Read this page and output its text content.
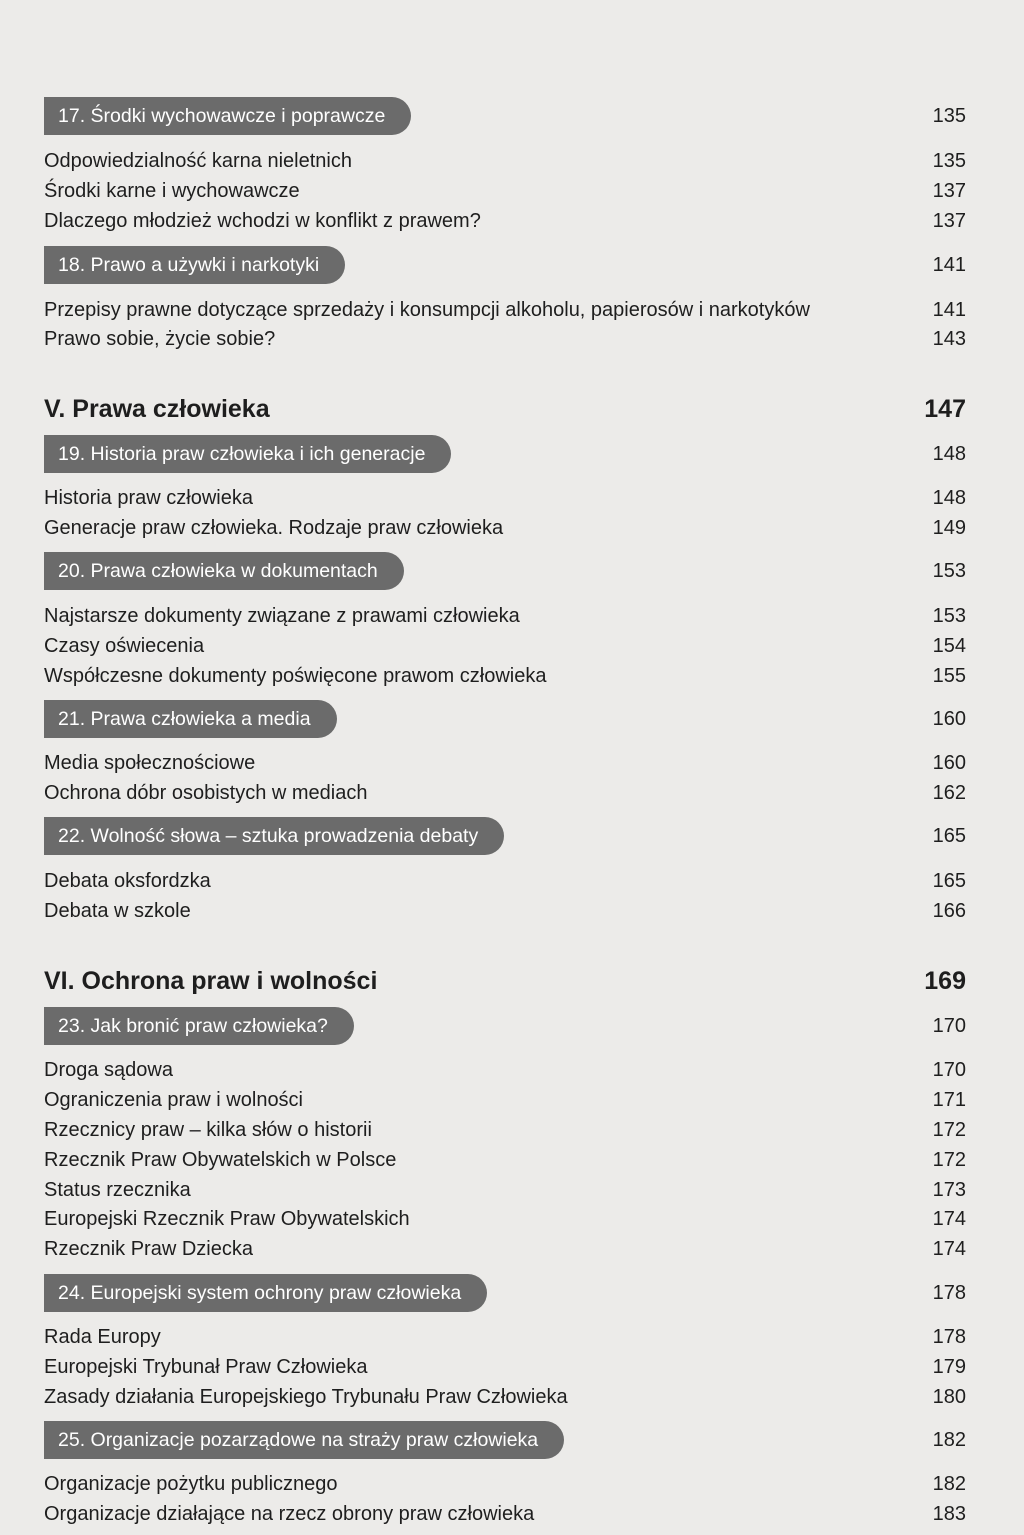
17. Środki wychowawcze i poprawcze	135
Odpowiedzialność karna nieletnich	135
Środki karne i wychowawcze	137
Dlaczego młodzież wchodzi w konflikt z prawem?	137
18. Prawo a używki i narkotyki	141
Przepisy prawne dotyczące sprzedaży i konsumpcji alkoholu, papierosów i narkotyków	141
Prawo sobie, życie sobie?	143
V. Prawa człowieka	147
19. Historia praw człowieka i ich generacje	148
Historia praw człowieka	148
Generacje praw człowieka. Rodzaje praw człowieka	149
20. Prawa człowieka w dokumentach	153
Najstarsze dokumenty związane z prawami człowieka	153
Czasy oświecenia	154
Współczesne dokumenty poświęcone prawom człowieka	155
21. Prawa człowieka a media	160
Media społecznościowe	160
Ochrona dóbr osobistych w mediach	162
22. Wolność słowa – sztuka prowadzenia debaty	165
Debata oksfordzka	165
Debata w szkole	166
VI. Ochrona praw i wolności	169
23. Jak bronić praw człowieka?	170
Droga sądowa	170
Ograniczenia praw i wolności	171
Rzecznicy praw – kilka słów o historii	172
Rzecznik Praw Obywatelskich w Polsce	172
Status rzecznika	173
Europejski Rzecznik Praw Obywatelskich	174
Rzecznik Praw Dziecka	174
24. Europejski system ochrony praw człowieka	178
Rada Europy	178
Europejski Trybunał Praw Człowieka	179
Zasady działania Europejskiego Trybunału Praw Człowieka	180
25. Organizacje pozarządowe na straży praw człowieka	182
Organizacje pożytku publicznego	182
Organizacje działające na rzecz obrony praw człowieka	183
